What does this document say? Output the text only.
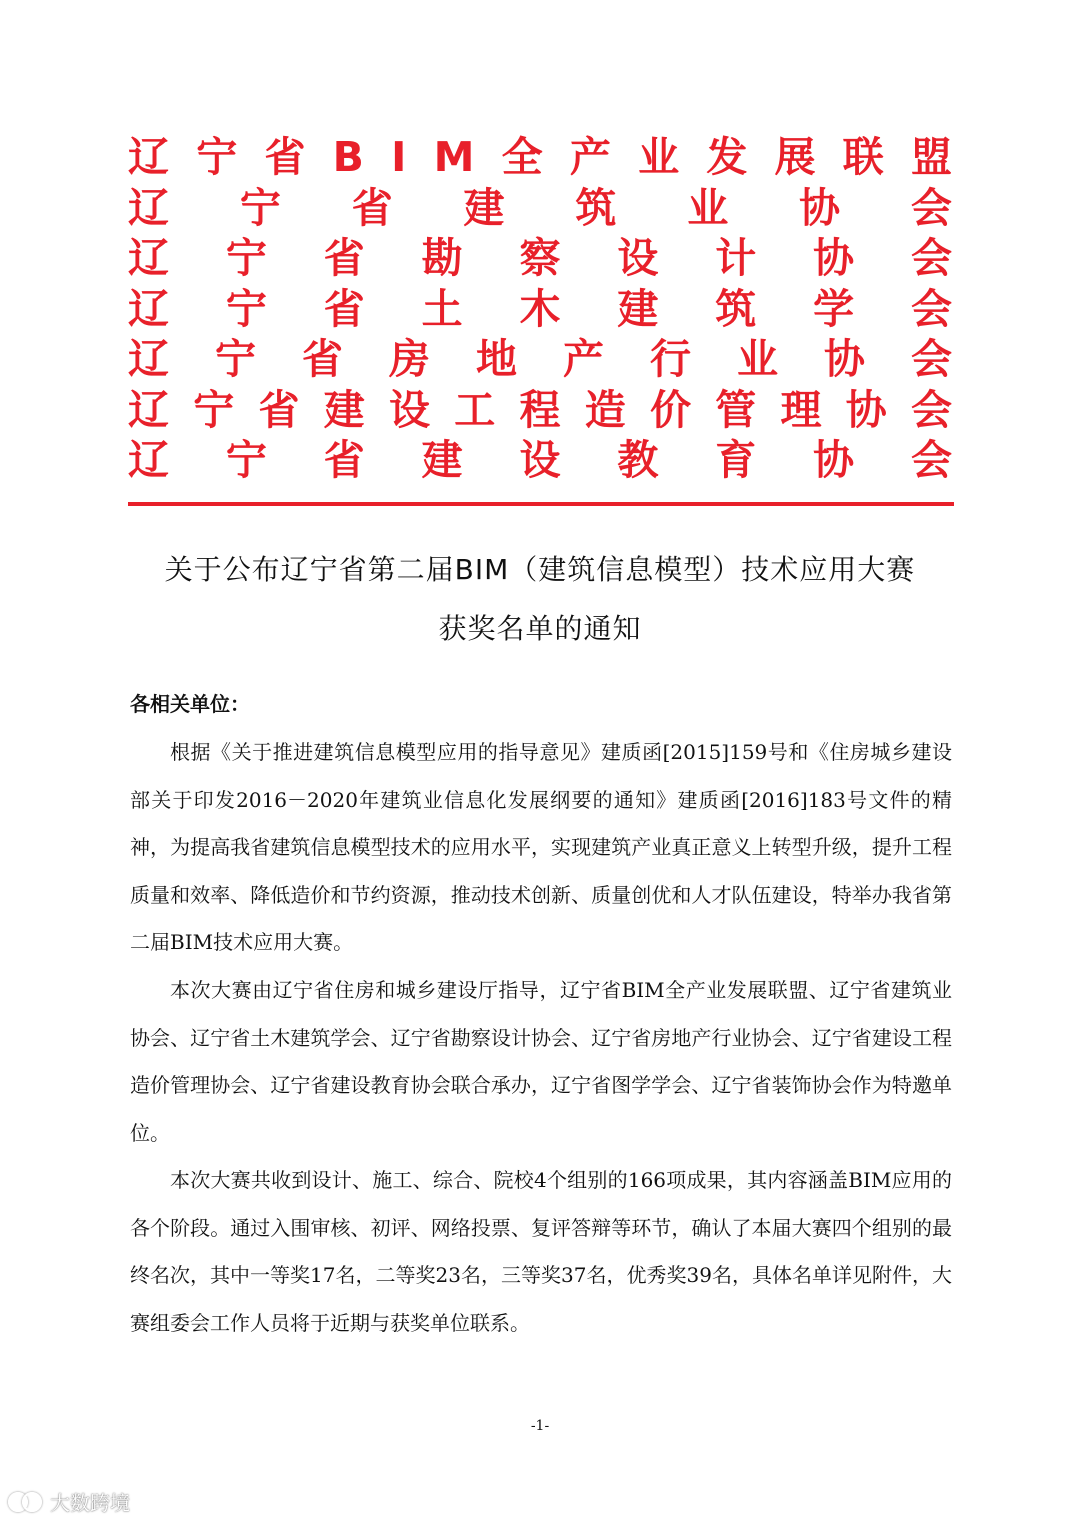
辽 宁 省 B I M 全 产 业 发 展 联 盟
辽 宁 省 建 筑 业 协 会
辽 宁 省 勘 察 设 计 协 会
辽 宁 省 土 木 建 筑 学 会
辽 宁 省 房 地 产 行 业 协 会
辽 宁 省 建 设 工 程 造 价 管 理 协 会
辽 宁 省 建 设 教 育 协 会
关于公布辽宁省第二届BIM（建筑信息模型）技术应用大赛
获奖名单的通知
各相关单位：
根据《关于推进建筑信息模型应用的指导意见》建质函[2015]159号和《住房城乡建设部关于印发2016－2020年建筑业信息化发展纲要的通知》建质函[2016]183号文件的精神，为提高我省建筑信息模型技术的应用水平，实现建筑产业真正意义上转型升级，提升工程质量和效率、降低造价和节约资源，推动技术创新、质量创优和人才队伍建设，特举办我省第二届BIM技术应用大赛。
本次大赛由辽宁省住房和城乡建设厅指导，辽宁省BIM全产业发展联盟、辽宁省建筑业协会、辽宁省土木建筑学会、辽宁省勘察设计协会、辽宁省房地产行业协会、辽宁省建设工程造价管理协会、辽宁省建设教育协会联合承办，辽宁省图学学会、辽宁省装饰协会作为特邀单位。
本次大赛共收到设计、施工、综合、院校4个组别的166项成果，其内容涵盖BIM应用的各个阶段。通过入围审核、初评、网络投票、复评答辩等环节，确认了本届大赛四个组别的最终名次，其中一等奖17名，二等奖23名，三等奖37名，优秀奖39名，具体名单详见附件，大赛组委会工作人员将于近期与获奖单位联系。
-1-
大数跨境
